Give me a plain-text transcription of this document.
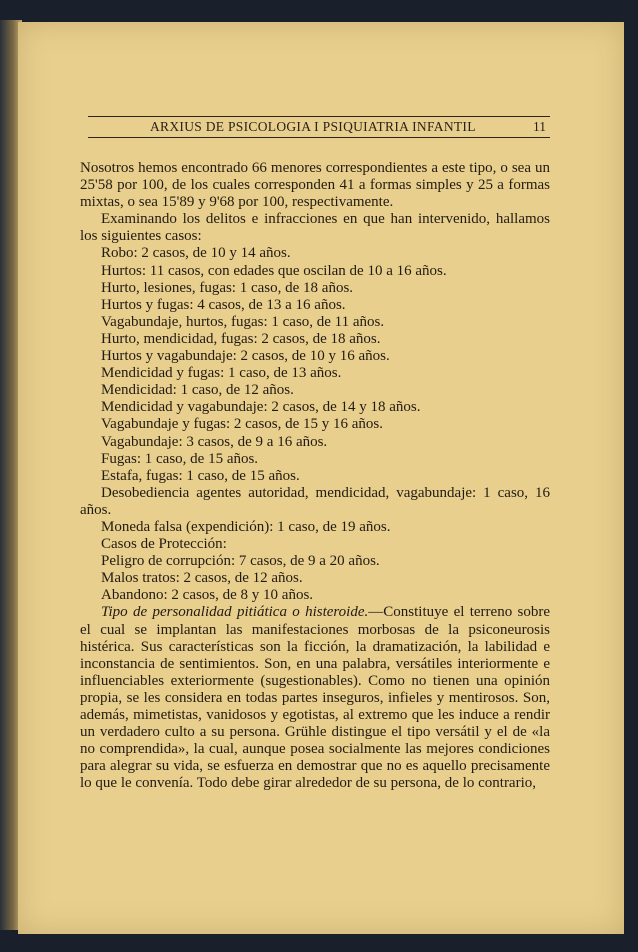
ARXIUS DE PSICOLOGIA I PSIQUIATRIA INFANTIL	11

Nosotros hemos encontrado 66 menores correspondientes a este tipo, o sea un 25'58 por 100, de los cuales corresponden 41 a formas simples y 25 a formas mixtas, o sea 15'89 y 9'68 por 100, respectivamente.

Examinando los delitos e infracciones en que han intervenido, hallamos los siguientes casos:

Robo: 2 casos, de 10 y 14 años.
Hurtos: 11 casos, con edades que oscilan de 10 a 16 años.
Hurto, lesiones, fugas: 1 caso, de 18 años.
Hurtos y fugas: 4 casos, de 13 a 16 años.
Vagabundaje, hurtos, fugas: 1 caso, de 11 años.
Hurto, mendicidad, fugas: 2 casos, de 18 años.
Hurtos y vagabundaje: 2 casos, de 10 y 16 años.
Mendicidad y fugas: 1 caso, de 13 años.
Mendicidad: 1 caso, de 12 años.
Mendicidad y vagabundaje: 2 casos, de 14 y 18 años.
Vagabundaje y fugas: 2 casos, de 15 y 16 años.
Vagabundaje: 3 casos, de 9 a 16 años.
Fugas: 1 caso, de 15 años.
Estafa, fugas: 1 caso, de 15 años.

Desobediencia agentes autoridad, mendicidad, vagabundaje: 1 caso, 16 años.

Moneda falsa (expendición): 1 caso, de 19 años.
Casos de Protección:
Peligro de corrupción: 7 casos, de 9 a 20 años.
Malos tratos: 2 casos, de 12 años.
Abandono: 2 casos, de 8 y 10 años.

Tipo de personalidad pitiática o histeroide.—Constituye el terreno sobre el cual se implantan las manifestaciones morbosas de la psiconeurosis histérica. Sus características son la ficción, la dramatización, la labilidad e inconstancia de sentimientos. Son, en una palabra, versátiles interiormente e influenciables exteriormente (sugestionables). Como no tienen una opinión propia, se les considera en todas partes inseguros, infieles y mentirosos. Son, además, mimetistas, vanidosos y egotistas, al extremo que les induce a rendir un verdadero culto a su persona. Grühle distingue el tipo versátil y el de «la no comprendida», la cual, aunque posea socialmente las mejores condiciones para alegrar su vida, se esfuerza en demostrar que no es aquello precisamente lo que le convenía. Todo debe girar alrededor de su persona, de lo contrario,
